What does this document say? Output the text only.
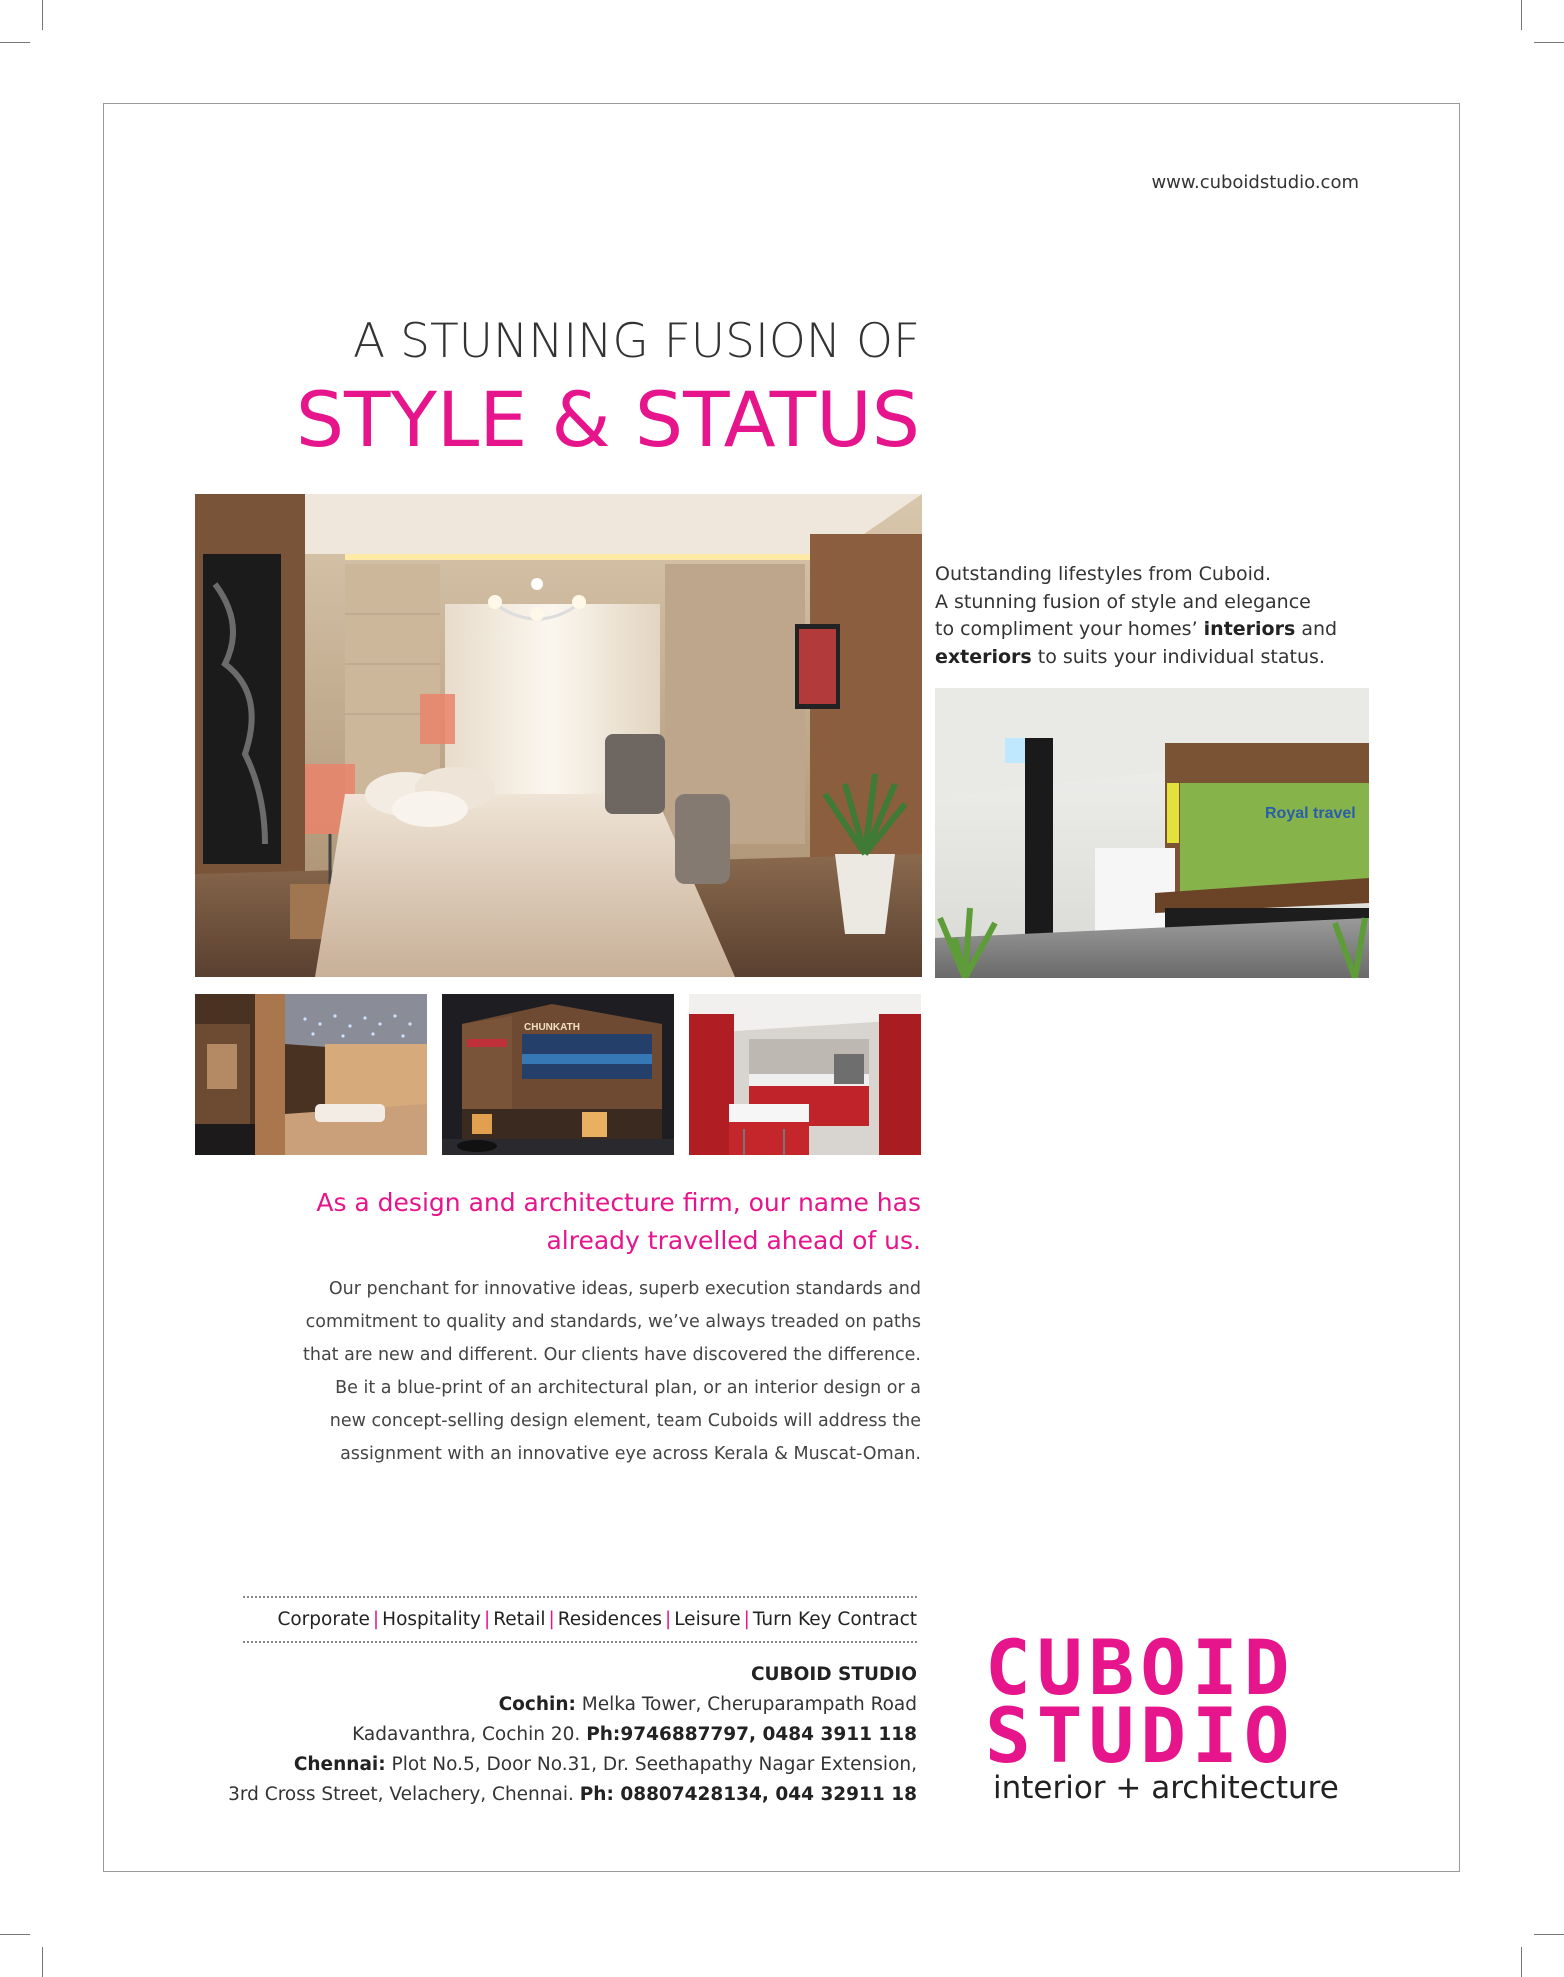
www.cuboidstudio.com
A STUNNING FUSION OF
STYLE & STATUS
Outstanding lifestyles from Cuboid.
A stunning fusion of style and elegance
to compliment your homes’ interiors and
exteriors to suits your individual status.
Royal travel
CHUNKATH
As a design and architecture firm, our name has
already travelled ahead of us.
Our penchant for innovative ideas, superb execution standards and
commitment to quality and standards, we’ve always treaded on paths
that are new and different. Our clients have discovered the difference.
Be it a blue-print of an architectural plan, or an interior design or a
new concept-selling design element, team Cuboids will address the
assignment with an innovative eye across Kerala & Muscat-Oman.
Corporate | Hospitality | Retail | Residences | Leisure | Turn Key Contract
CUBOID STUDIO
Cochin: Melka Tower, Cheruparampath Road
Kadavanthra, Cochin 20. Ph:9746887797, 0484 3911 118
Chennai: Plot No.5, Door No.31, Dr. Seethapathy Nagar Extension,
3rd Cross Street, Velachery, Chennai. Ph: 08807428134, 044 32911 18
CUBOID
STUDIO
interior + architecture
